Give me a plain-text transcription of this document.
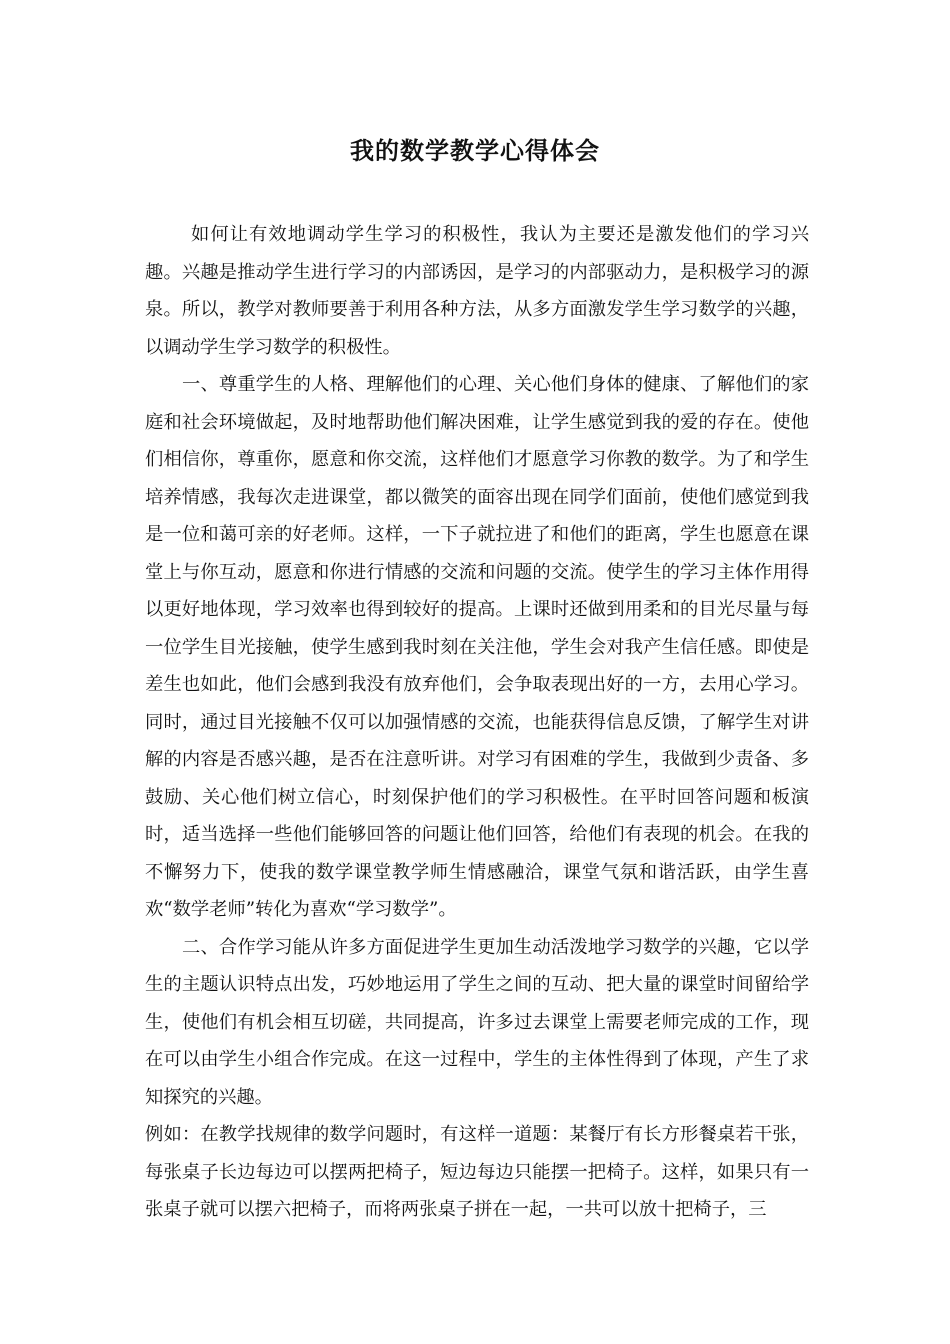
我的数学教学心得体会

如何让有效地调动学生学习的积极性，我认为主要还是激发他们的学习兴趣。兴趣是推动学生进行学习的内部诱因，是学习的内部驱动力，是积极学习的源泉。所以，教学对教师要善于利用各种方法，从多方面激发学生学习数学的兴趣，以调动学生学习数学的积极性。

一、尊重学生的人格、理解他们的心理、关心他们身体的健康、了解他们的家庭和社会环境做起，及时地帮助他们解决困难，让学生感觉到我的爱的存在。使他们相信你，尊重你，愿意和你交流，这样他们才愿意学习你教的数学。为了和学生培养情感，我每次走进课堂，都以微笑的面容出现在同学们面前，使他们感觉到我是一位和蔼可亲的好老师。这样，一下子就拉进了和他们的距离，学生也愿意在课堂上与你互动，愿意和你进行情感的交流和问题的交流。使学生的学习主体作用得以更好地体现，学习效率也得到较好的提高。上课时还做到用柔和的目光尽量与每一位学生目光接触，使学生感到我时刻在关注他，学生会对我产生信任感。即使是差生也如此，他们会感到我没有放弃他们，会争取表现出好的一方，去用心学习。同时，通过目光接触不仅可以加强情感的交流，也能获得信息反馈，了解学生对讲解的内容是否感兴趣，是否在注意听讲。对学习有困难的学生，我做到少责备、多鼓励、关心他们树立信心，时刻保护他们的学习积极性。在平时回答问题和板演时，适当选择一些他们能够回答的问题让他们回答，给他们有表现的机会。在我的不懈努力下，使我的数学课堂教学师生情感融洽，课堂气氛和谐活跃，由学生喜欢“数学老师”转化为喜欢“学习数学”。

二、合作学习能从许多方面促进学生更加生动活泼地学习数学的兴趣，它以学生的主题认识特点出发，巧妙地运用了学生之间的互动、把大量的课堂时间留给学生，使他们有机会相互切磋，共同提高，许多过去课堂上需要老师完成的工作，现在可以由学生小组合作完成。在这一过程中，学生的主体性得到了体现，产生了求知探究的兴趣。

例如：在教学找规律的数学问题时，有这样一道题：某餐厅有长方形餐桌若干张，每张桌子长边每边可以摆两把椅子，短边每边只能摆一把椅子。这样，如果只有一张桌子就可以摆六把椅子，而将两张桌子拼在一起，一共可以放十把椅子，三
